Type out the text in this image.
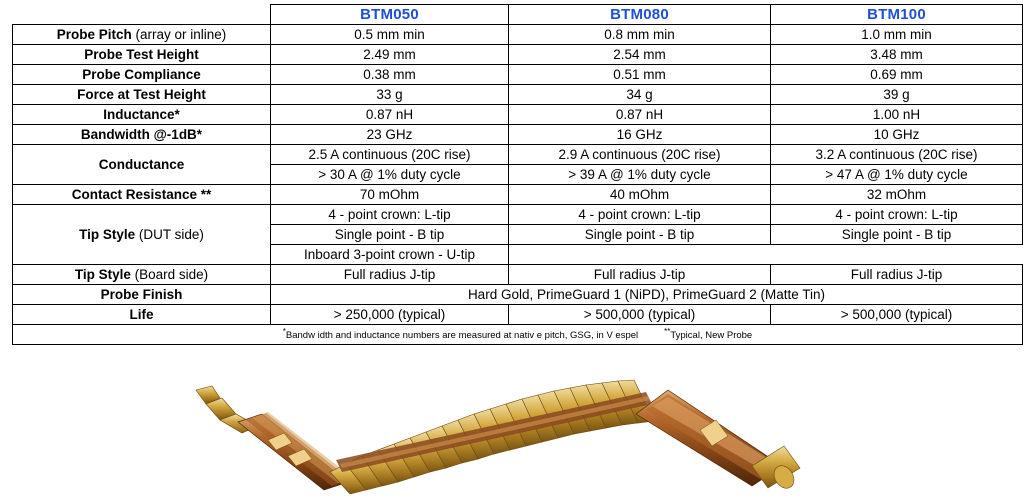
	BTM050	BTM080	BTM100
Probe Pitch (array or inline)	0.5 mm min	0.8 mm min	1.0 mm min
Probe Test Height	2.49 mm	2.54 mm	3.48 mm
Probe Compliance	0.38 mm	0.51 mm	0.69 mm
Force at Test Height	33 g	34 g	39 g
Inductance*	0.87 nH	0.87 nH	1.00 nH
Bandwidth @-1dB*	23 GHz	16 GHz	10 GHz
Conductance	2.5 A continuous (20C rise)	2.9 A continuous (20C rise)	3.2 A continuous (20C rise)
	> 30 A @ 1% duty cycle	> 39 A @ 1% duty cycle	> 47 A @ 1% duty cycle
Contact Resistance **	70 mOhm	40 mOhm	32 mOhm
Tip Style (DUT side)	4 - point crown: L-tip	4 - point crown: L-tip	4 - point crown: L-tip
	Single point - B tip	Single point - B tip	Single point - B tip
	Inboard 3-point crown - U-tip		
Tip Style (Board side)	Full radius J-tip	Full radius J-tip	Full radius J-tip
Probe Finish	Hard Gold, PrimeGuard 1 (NiPD), PrimeGuard 2 (Matte Tin)		
Life	> 250,000 (typical)	> 500,000 (typical)	> 500,000 (typical)
*Bandw idth and inductance numbers are measured at nativ e pitch, GSG, in V espel **Typical, New Probe			
